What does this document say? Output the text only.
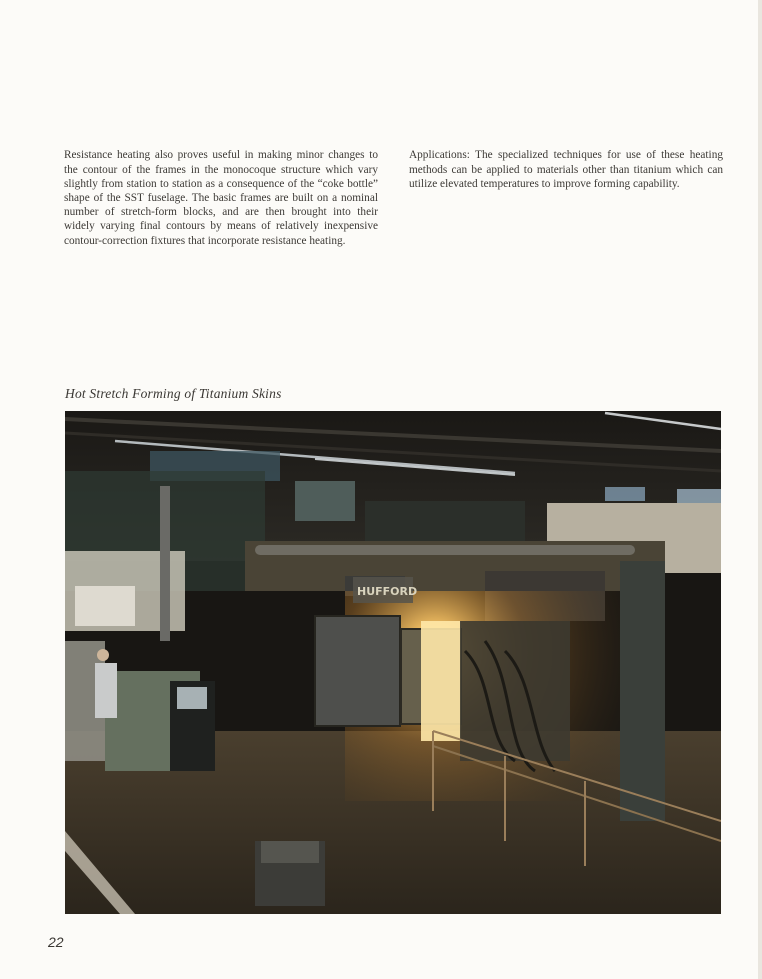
Resistance heating also proves useful in making minor changes to the contour of the frames in the monocoque structure which vary slightly from station to station as a consequence of the “coke bottle” shape of the SST fuselage. The basic frames are built on a nominal number of stretch-form blocks, and are then brought into their widely varying final contours by means of relatively inexpensive contour-correction fixtures that incorporate resistance heating.

Applications: The specialized techniques for use of these heating methods can be applied to materials other than titanium which can utilize elevated temperatures to improve forming capability.

Hot Stretch Forming of Titanium Skins
HUFFORD
22
